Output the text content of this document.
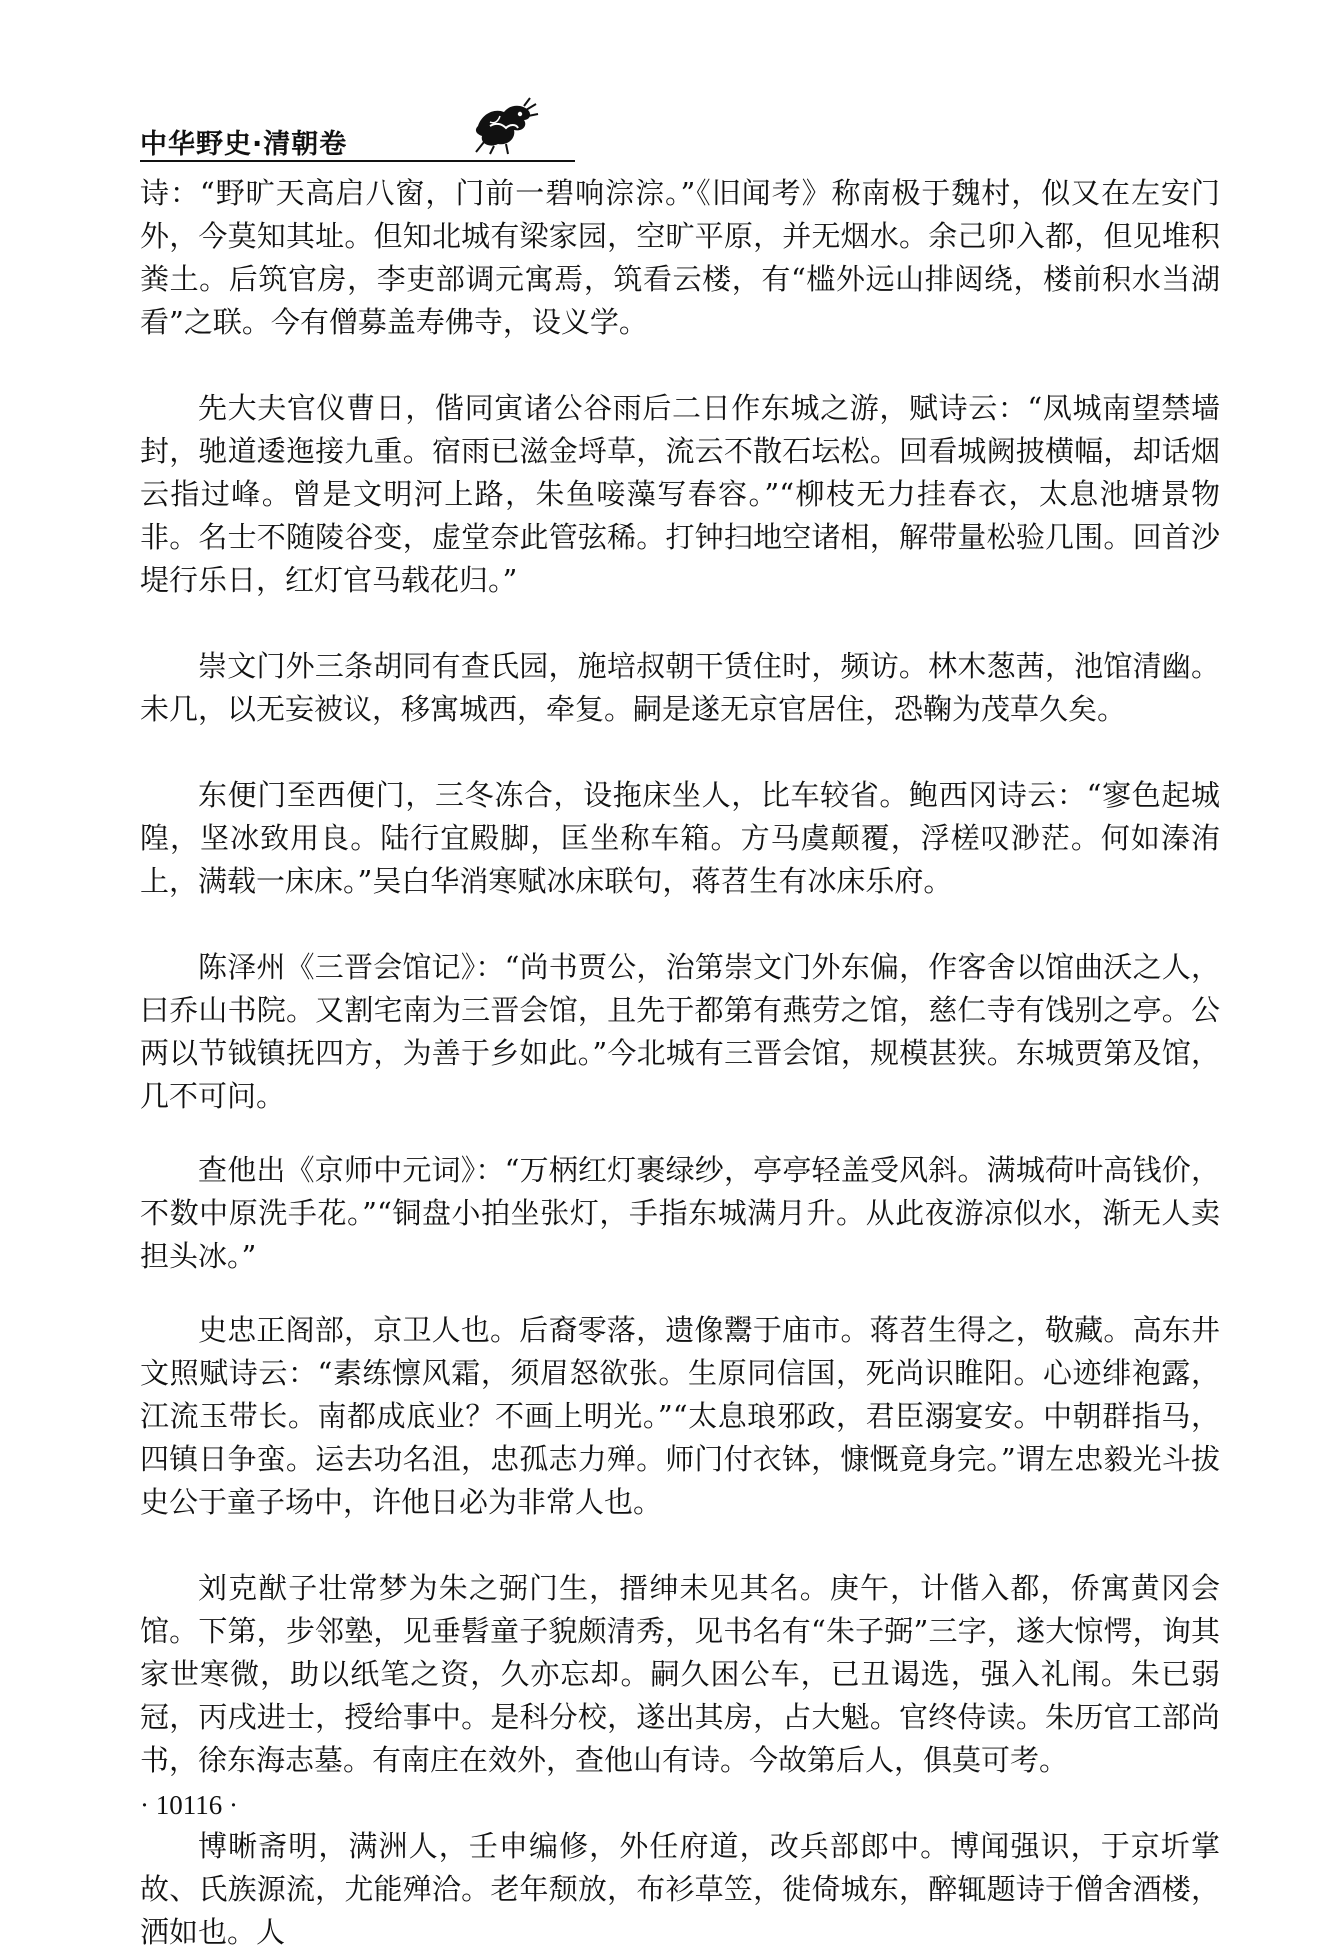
中华野史·清朝卷

诗：“野旷天高启八窗，门前一碧响淙淙。”《旧闻考》称南极于魏村，似又在左安门外，今莫知其址。但知北城有梁家园，空旷平原，并无烟水。余己卯入都，但见堆积粪土。后筑官房，李吏部调元寓焉，筑看云楼，有“槛外远山排闼绕，楼前积水当湖看”之联。今有僧募盖寿佛寺，设义学。

先大夫官仪曹日，偕同寅诸公谷雨后二日作东城之游，赋诗云：“凤城南望禁墙封，驰道逶迤接九重。宿雨已滋金埒草，流云不散石坛松。回看城阙披横幅，却话烟云指过峰。曾是文明河上路，朱鱼唼藻写春容。”“柳枝无力挂春衣，太息池塘景物非。名士不随陵谷变，虚堂奈此管弦稀。打钟扫地空诸相，解带量松验几围。回首沙堤行乐日，红灯官马载花归。”

崇文门外三条胡同有查氏园，施培叔朝干赁住时，频访。林木葱茜，池馆清幽。未几，以无妄被议，移寓城西，牵复。嗣是遂无京官居住，恐鞠为茂草久矣。

东便门至西便门，三冬冻合，设拖床坐人，比车较省。鲍西冈诗云：“寥色起城隍，坚冰致用良。陆行宜殿脚，匡坐称车箱。方马虞颠覆，浮槎叹渺茫。何如溱洧上，满载一床床。”吴白华消寒赋冰床联句，蒋苕生有冰床乐府。

陈泽州《三晋会馆记》：“尚书贾公，治第崇文门外东偏，作客舍以馆曲沃之人，曰乔山书院。又割宅南为三晋会馆，且先于都第有燕劳之馆，慈仁寺有饯别之亭。公两以节钺镇抚四方，为善于乡如此。”今北城有三晋会馆，规模甚狭。东城贾第及馆，几不可问。

查他出《京师中元词》：“万柄红灯裹绿纱，亭亭轻盖受风斜。满城荷叶高钱价，不数中原洗手花。”“铜盘小拍坐张灯，手指东城满月升。从此夜游凉似水，渐无人卖担头冰。”

史忠正阁部，京卫人也。后裔零落，遗像鬻于庙市。蒋苕生得之，敬藏。高东井文照赋诗云：“素练懔风霜，须眉怒欲张。生原同信国，死尚识睢阳。心迹绯袍露，江流玉带长。南都成底业？不画上明光。”“太息琅邪政，君臣溺宴安。中朝群指马，四镇日争蛮。运去功名沮，忠孤志力殚。师门付衣钵，慷慨竟身完。”谓左忠毅光斗拔史公于童子场中，许他日必为非常人也。

刘克猷子壮常梦为朱之弼门生，搢绅未见其名。庚午，计偕入都，侨寓黄冈会馆。下第，步邻塾，见垂髫童子貌颇清秀，见书名有“朱子弼”三字，遂大惊愕，询其家世寒微，助以纸笔之资，久亦忘却。嗣久困公车，已丑谒选，强入礼闱。朱已弱冠，丙戌进士，授给事中。是科分校，遂出其房，占大魁。官终侍读。朱历官工部尚书，徐东海志墓。有南庄在效外，查他山有诗。今故第后人，俱莫可考。

博晰斋明，满洲人，壬申编修，外任府道，改兵部郎中。博闻强识，于京圻掌故、氏族源流，尤能殚洽。老年颓放，布衫草笠，徙倚城东，醉辄题诗于僧舍酒楼，洒如也。人

· 10116 ·
